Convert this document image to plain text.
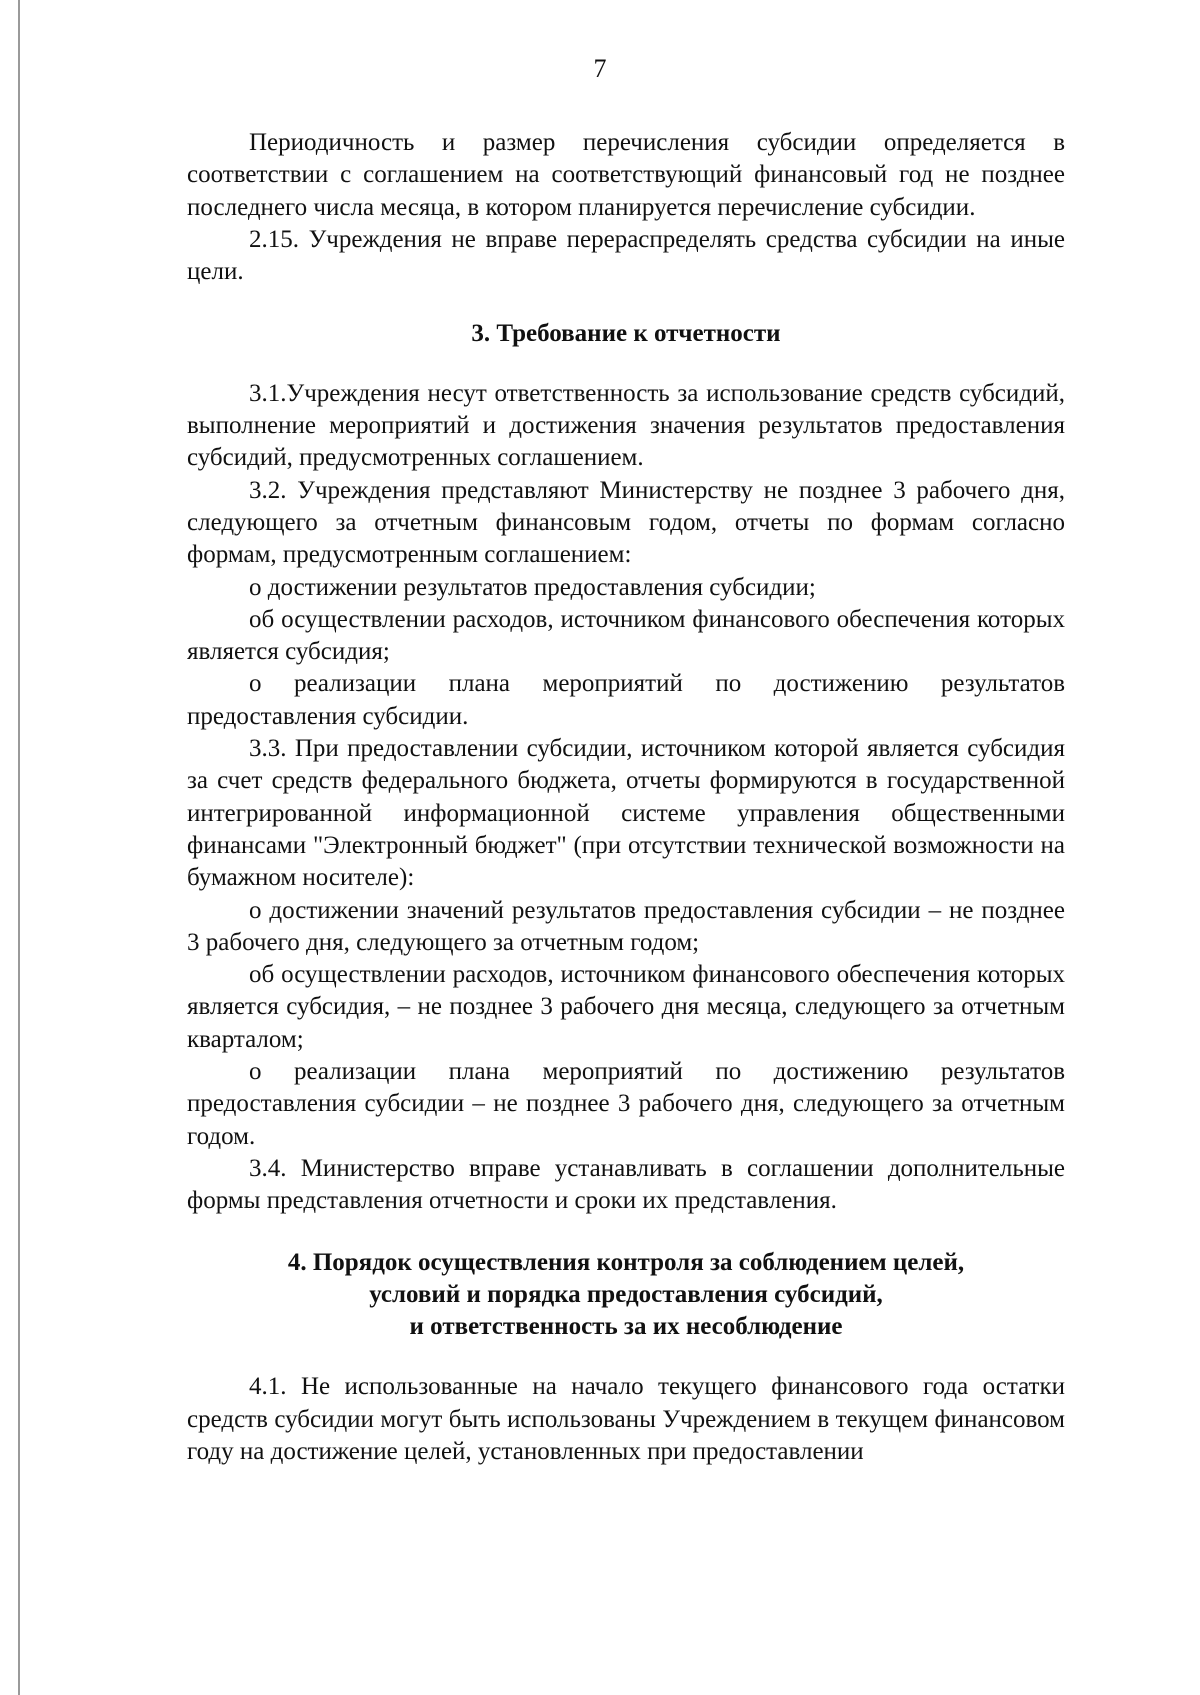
7

Периодичность и размер перечисления субсидии определяется в соответствии с соглашением на соответствующий финансовый год не позднее последнего числа месяца, в котором планируется перечисление субсидии.

2.15. Учреждения не вправе перераспределять средства субсидии на иные цели.

3. Требование к отчетности

3.1.Учреждения несут ответственность за использование средств субсидий, выполнение мероприятий и достижения значения результатов предоставления субсидий, предусмотренных соглашением.

3.2. Учреждения представляют Министерству не позднее 3 рабочего дня, следующего за отчетным финансовым годом, отчеты по формам согласно формам, предусмотренным соглашением:

о достижении результатов предоставления субсидии;

об осуществлении расходов, источником финансового обеспечения которых является субсидия;

о реализации плана мероприятий по достижению результатов предоставления субсидии.

3.3. При предоставлении субсидии, источником которой является субсидия за счет средств федерального бюджета, отчеты формируются в государственной интегрированной информационной системе управления общественными финансами "Электронный бюджет" (при отсутствии технической возможности на бумажном носителе):

о достижении значений результатов предоставления субсидии – не позднее 3 рабочего дня, следующего за отчетным годом;

об осуществлении расходов, источником финансового обеспечения которых является субсидия, – не позднее 3 рабочего дня месяца, следующего за отчетным кварталом;

о реализации плана мероприятий по достижению результатов предоставления субсидии – не позднее 3 рабочего дня, следующего за отчетным годом.

3.4. Министерство вправе устанавливать в соглашении дополнительные формы представления отчетности и сроки их представления.

4. Порядок осуществления контроля за соблюдением целей,
условий и порядка предоставления субсидий,
и ответственность за их несоблюдение

4.1. Не использованные на начало текущего финансового года остатки средств субсидии могут быть использованы Учреждением в текущем финансовом году на достижение целей, установленных при предоставлении
